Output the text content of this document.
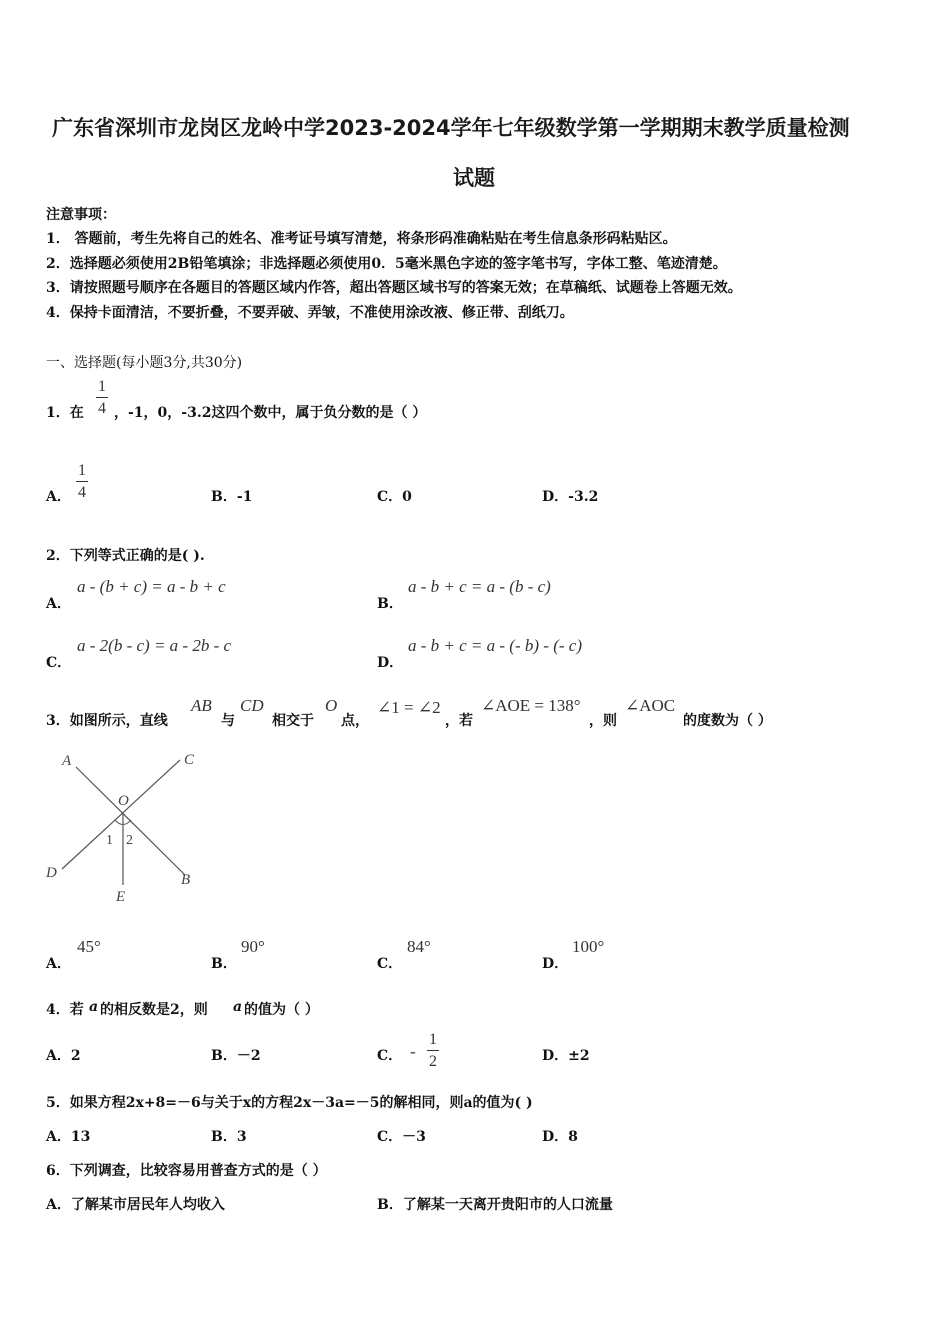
广东省深圳市龙岗区龙岭中学2023-2024学年七年级数学第一学期期末教学质量检测
试题
注意事项：
1． 答题前，考生先将自己的姓名、准考证号填写清楚，将条形码准确粘贴在考生信息条形码粘贴区。
2．选择题必须使用2B铅笔填涂；非选择题必须使用0．5毫米黑色字迹的签字笔书写，字体工整、笔迹清楚。
3．请按照题号顺序在各题目的答题区域内作答，超出答题区域书写的答案无效；在草稿纸、试题卷上答题无效。
4．保持卡面清洁，不要折叠，不要弄破、弄皱，不准使用涂改液、修正带、刮纸刀。
一、选择题(每小题3分,共30分)
1．在
1
4 ，-1，0，-3.2这四个数中，属于负分数的是（ ）
A．
1
4	B．-1	C．0	D．-3.2
2．下列等式正确的是( ).
A．
a - (b + c) = a - b + c
B．
a - b + c = a - (b - c)
C．
a - 2(b - c) = a - 2b - c
D．
a - b + c = a - (- b) - (- c)
3．如图所示，直线
AB
与
CD
相交于
O
点，
∠1 = ∠2
，若
∠AOE = 138°
，则
∠AOC
的度数为（ ）
A	C
O
1 2
D	B
E
A．
45°
B．
90°
C．
84°
D．
100°
4．若 a 的相反数是2，则 a 的值为（ ）
A．2	B．－2	C． -
1
2	D．±2
5．如果方程2x+8=－6与关于x的方程2x－3a=－5的解相同，则a的值为( )
A．13	B．3	C．－3	D．8
6．下列调查，比较容易用普查方式的是（ ）
A．了解某市居民年人均收入	B．了解某一天离开贵阳市的人口流量
